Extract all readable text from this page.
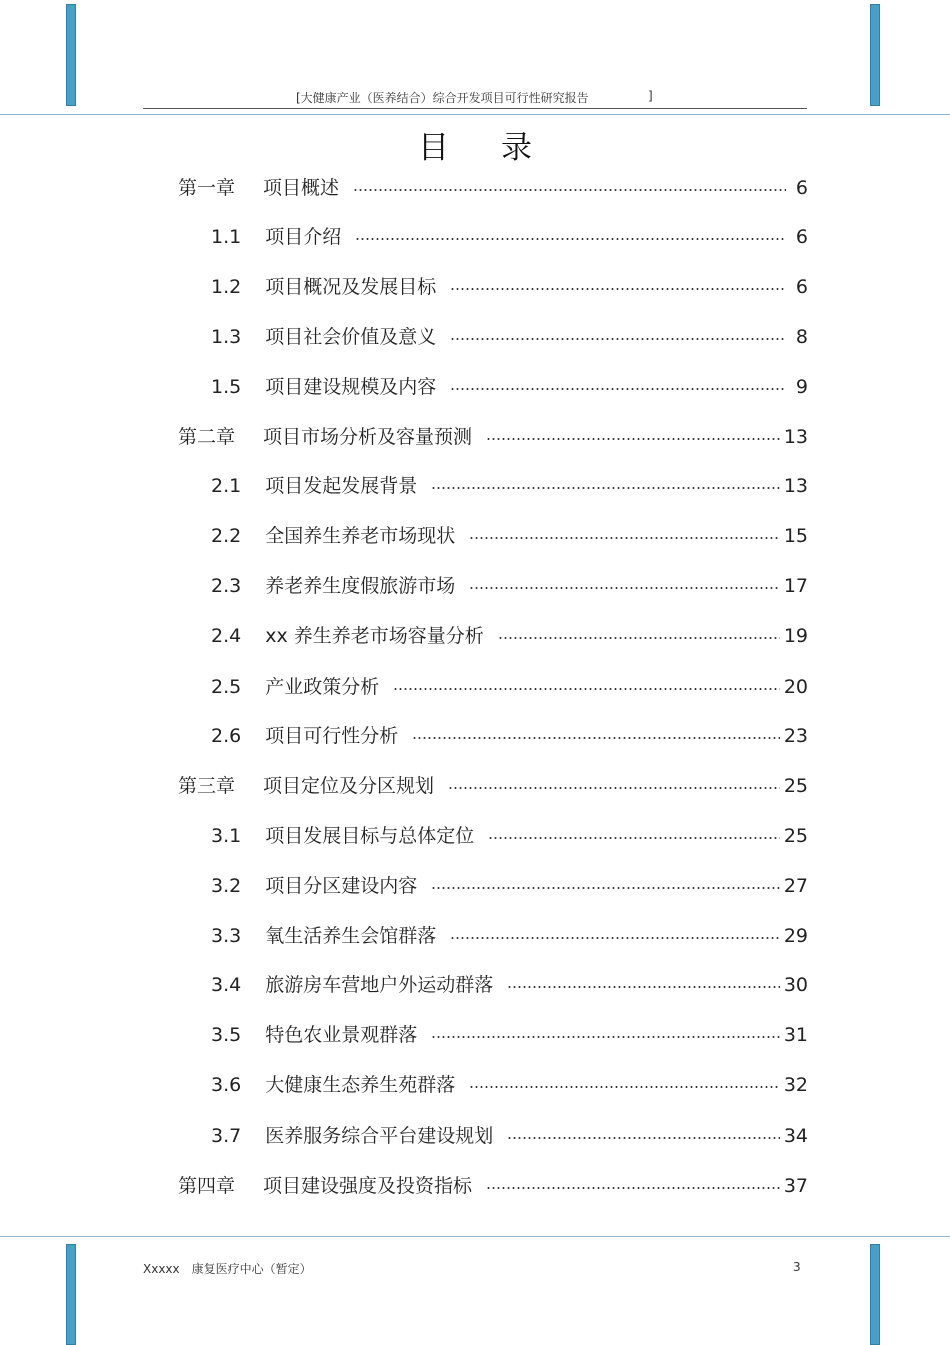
[大健康产业（医养结合）综合开发项目可行性研究报告	]
目录
第一章 项目概述	6
1.1 项目介绍	6
1.2 项目概况及发展目标	6
1.3 项目社会价值及意义	8
1.5 项目建设规模及内容	9
第二章 项目市场分析及容量预测	13
2.1 项目发起发展背景	13
2.2 全国养生养老市场现状	15
2.3 养老养生度假旅游市场	17
2.4 xx 养生养老市场容量分析	19
2.5 产业政策分析	20
2.6 项目可行性分析	23
第三章 项目定位及分区规划	25
3.1 项目发展目标与总体定位	25
3.2 项目分区建设内容	27
3.3 氧生活养生会馆群落	29
3.4 旅游房车营地户外运动群落	30
3.5 特色农业景观群落	31
3.6 大健康生态养生苑群落	32
3.7 医养服务综合平台建设规划	34
第四章 项目建设强度及投资指标	37
Xxxxx 康复医疗中心（暂定）	3
